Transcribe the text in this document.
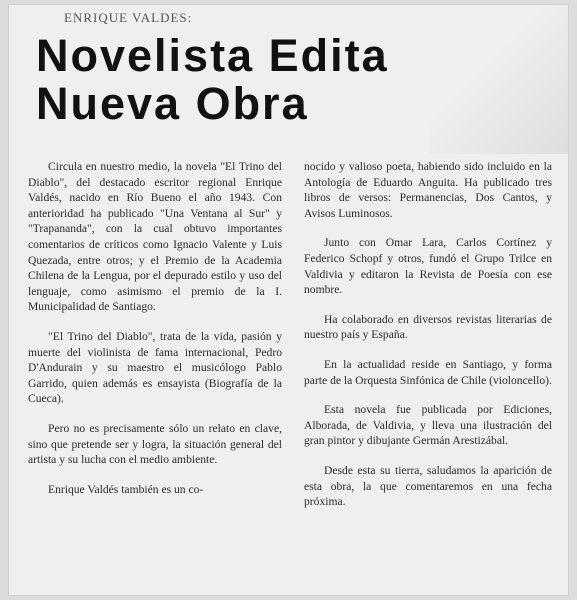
ENRIQUE VALDES:
Novelista Edita
Nueva Obra

Circula en nuestro medio, la novela "El Trino del Diablo", del destacado escritor regional Enrique Valdés, nacido en Río Bueno el año 1943. Con anterioridad ha publicado "Una Ventana al Sur" y "Trapananda", con la cual obtuvo importantes comentarios de críticos como Ignacio Valente y Luis Quezada, entre otros; y el Premio de la Academia Chilena de la Lengua, por el depurado estilo y uso del lenguaje, como asimismo el premio de la I. Municipalidad de Santiago.

"El Trino del Diablo", trata de la vida, pasión y muerte del violinista de fama internacional, Pedro D'Andurain y su maestro el musicólogo Pablo Garrido, quien además es ensayista (Biografía de la Cueca).

Pero no es precisamente sólo un relato en clave, sino que pretende ser y logra, la situación general del artista y su lucha con el medio ambiente.

Enrique Valdés también es un co-

nocido y valioso poeta, habiendo sido incluido en la Antología de Eduardo Anguita. Ha publicado tres libros de versos: Permanencias, Dos Cantos, y Avisos Luminosos.

Junto con Omar Lara, Carlos Cortínez y Federico Schopf y otros, fundó el Grupo Trilce en Valdivia y editaron la Revista de Poesía con ese nombre.

Ha colaborado en diversos revistas literarias de nuestro país y España.

En la actualidad reside en Santiago, y forma parte de la Orquesta Sinfónica de Chile (violoncello).

Esta novela fue publicada por Ediciones, Alborada, de Valdivia, y lleva una ilustración del gran pintor y dibujante Germán Arestizábal.

Desde esta su tierra, saludamos la aparición de esta obra, la que comentaremos en una fecha próxima.
